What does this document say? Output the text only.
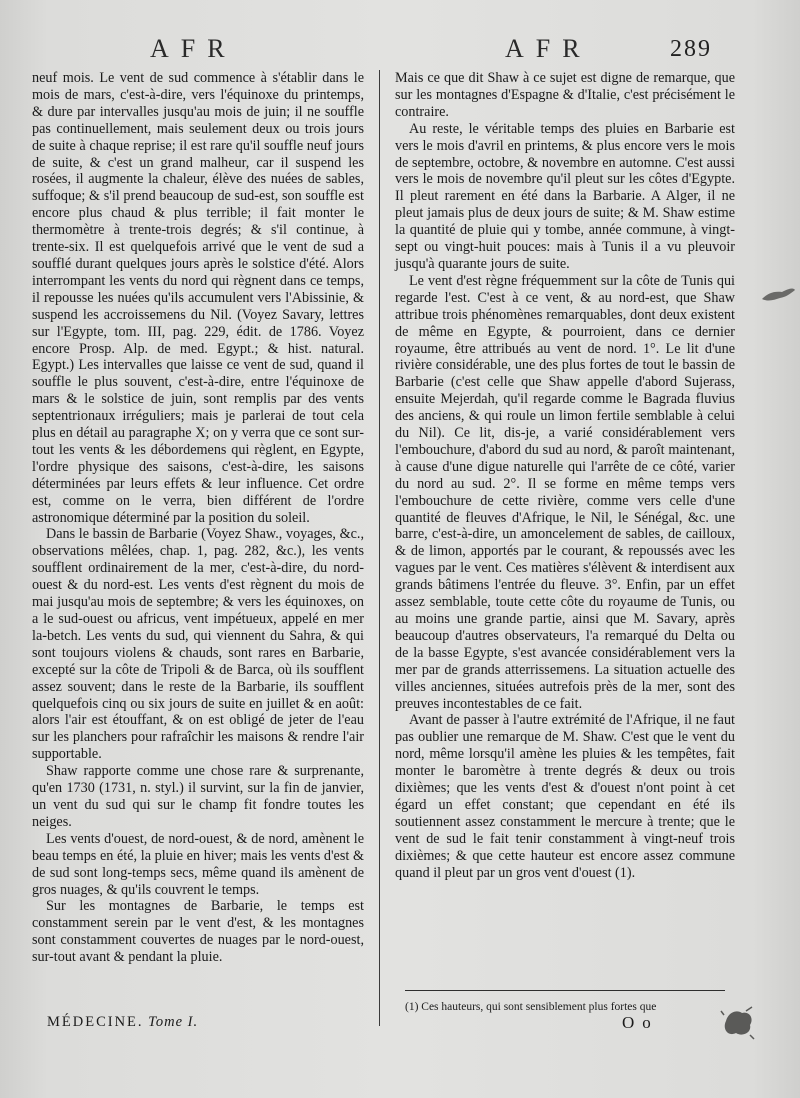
AFR	AFR	289

neuf mois. Le vent de sud commence à s'établir dans le mois de mars, c'est-à-dire, vers l'équinoxe du printemps, & dure par intervalles jusqu'au mois de juin; il ne souffle pas continuellement, mais seulement deux ou trois jours de suite à chaque reprise; il est rare qu'il souffle neuf jours de suite, & c'est un grand malheur, car il suspend les rosées, il augmente la chaleur, élève des nuées de sables, suffoque; & s'il prend beaucoup de sud-est, son souffle est encore plus chaud & plus terrible; il fait monter le thermomètre à trente-trois degrés; & s'il continue, à trente-six. Il est quelquefois arrivé que le vent de sud a soufflé durant quelques jours après le solstice d'été. Alors interrompant les vents du nord qui règnent dans ce temps, il repousse les nuées qu'ils accumulent vers l'Abissinie, & suspend les accroissemens du Nil. (Voyez Savary, lettres sur l'Egypte, tom. III, pag. 229, édit. de 1786. Voyez encore Prosp. Alp. de med. Egypt.; & hist. natural. Egypt.) Les intervalles que laisse ce vent de sud, quand il souffle le plus souvent, c'est-à-dire, entre l'équinoxe de mars & le solstice de juin, sont remplis par des vents septentrionaux irréguliers; mais je parlerai de tout cela plus en détail au paragraphe X; on y verra que ce sont sur-tout les vents & les débordemens qui règlent, en Egypte, l'ordre physique des saisons, c'est-à-dire, les saisons déterminées par leurs effets & leur influence. Cet ordre est, comme on le verra, bien différent de l'ordre astronomique déterminé par la position du soleil.

Dans le bassin de Barbarie (Voyez Shaw., voyages, &c., observations mêlées, chap. 1, pag. 282, &c.), les vents soufflent ordinairement de la mer, c'est-à-dire, du nord-ouest & du nord-est. Les vents d'est règnent du mois de mai jusqu'au mois de septembre; & vers les équinoxes, on a le sud-ouest ou africus, vent impétueux, appelé en mer la-betch. Les vents du sud, qui viennent du Sahra, & qui sont toujours violens & chauds, sont rares en Barbarie, excepté sur la côte de Tripoli & de Barca, où ils soufflent assez souvent; dans le reste de la Barbarie, ils soufflent quelquefois cinq ou six jours de suite en juillet & en août: alors l'air est étouffant, & on est obligé de jeter de l'eau sur les planchers pour rafraîchir les maisons & rendre l'air supportable.

Shaw rapporte comme une chose rare & surprenante, qu'en 1730 (1731, n. styl.) il survint, sur la fin de janvier, un vent du sud qui sur le champ fit fondre toutes les neiges.

Les vents d'ouest, de nord-ouest, & de nord, amènent le beau temps en été, la pluie en hiver; mais les vents d'est & de sud sont long-temps secs, même quand ils amènent de gros nuages, & qu'ils couvrent le temps.

Sur les montagnes de Barbarie, le temps est constamment serein par le vent d'est, & les montagnes sont constamment couvertes de nuages par le nord-ouest, sur-tout avant & pendant la pluie.

Mais ce que dit Shaw à ce sujet est digne de remarque, que sur les montagnes d'Espagne & d'Italie, c'est précisément le contraire.

Au reste, le véritable temps des pluies en Barbarie est vers le mois d'avril en printems, & plus encore vers le mois de septembre, octobre, & novembre en automne. C'est aussi vers le mois de novembre qu'il pleut sur les côtes d'Egypte. Il pleut rarement en été dans la Barbarie. A Alger, il ne pleut jamais plus de deux jours de suite; & M. Shaw estime la quantité de pluie qui y tombe, année commune, à vingt-sept ou vingt-huit pouces: mais à Tunis il a vu pleuvoir jusqu'à quarante jours de suite.

Le vent d'est règne fréquemment sur la côte de Tunis qui regarde l'est. C'est à ce vent, & au nord-est, que Shaw attribue trois phénomènes remarquables, dont deux existent de même en Egypte, & pourroient, dans ce dernier royaume, être attribués au vent de nord. 1°. Le lit d'une rivière considérable, une des plus fortes de tout le bassin de Barbarie (c'est celle que Shaw appelle d'abord Sujerass, ensuite Mejerdah, qu'il regarde comme le Bagrada fluvius des anciens, & qui roule un limon fertile semblable à celui du Nil). Ce lit, dis-je, a varié considérablement vers l'embouchure, d'abord du sud au nord, & paroît maintenant, à cause d'une digue naturelle qui l'arrête de ce côté, varier du nord au sud. 2°. Il se forme en même temps vers l'embouchure de cette rivière, comme vers celle d'une quantité de fleuves d'Afrique, le Nil, le Sénégal, &c. une barre, c'est-à-dire, un amoncelement de sables, de cailloux, & de limon, apportés par le courant, & repoussés avec les vagues par le vent. Ces matières s'élèvent & interdisent aux grands bâtimens l'entrée du fleuve. 3°. Enfin, par un effet assez semblable, toute cette côte du royaume de Tunis, ou au moins une grande partie, ainsi que M. Savary, après beaucoup d'autres observateurs, l'a remarqué du Delta ou de la basse Egypte, s'est avancée considérablement vers la mer par de grands atterrissemens. La situation actuelle des villes anciennes, situées autrefois près de la mer, sont des preuves incontestables de ce fait.

Avant de passer à l'autre extrémité de l'Afrique, il ne faut pas oublier une remarque de M. Shaw. C'est que le vent du nord, même lorsqu'il amène les pluies & les tempêtes, fait monter le baromètre à trente degrés & deux ou trois dixièmes; que les vents d'est & d'ouest n'ont point à cet égard un effet constant; que cependant en été ils soutiennent assez constamment le mercure à trente; que le vent de sud le fait tenir constamment à vingt-neuf trois dixièmes; & que cette hauteur est encore assez commune quand il pleut par un gros vent d'ouest (1).

(1) Ces hauteurs, qui sont sensiblement plus fortes que
MÉDECINE. Tome I.	Oo
